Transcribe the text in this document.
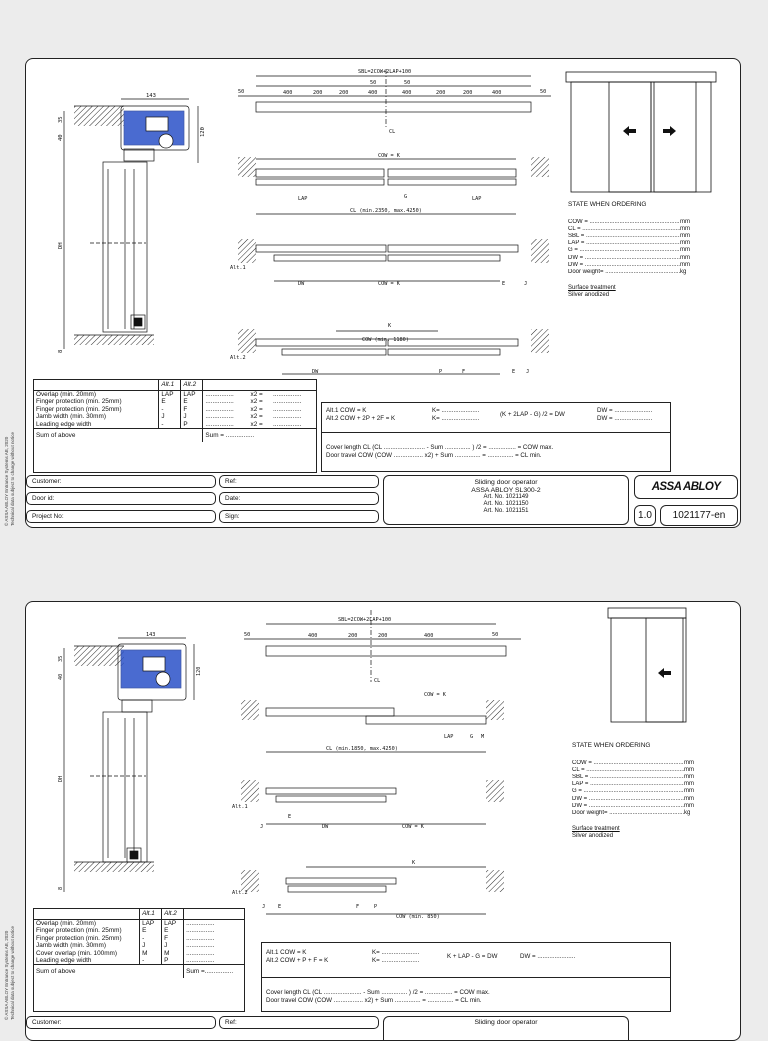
143
120
35
40
DH
8
SBL=2COW+2LAP+100
50	50
50	400	200	200	400	400	200	200	400	50
CL
COW = K
LAP	G	LAP
CL (min.2350, max.4250)
Alt.1
DW	COW = K	E	J
K
COW (min. 1180)
Alt.2
DW	P	F	E J
STATE WHEN ORDERING
COW = .....	mm
CL = .....	mm
SBL = .....	mm
LAP = .....	mm
G = .....	mm
DW = .....	mm
DW = .....	mm
Door weight= .....	kg
Surface treatment
Silver anodized
	Alt.1	Alt.2			

Overlap (min. 20mm)	LAP	LAP	................	x2 =	................
Finger protection (min. 25mm)	E	E	................	x2 =	................
Finger protection (min. 25mm)	-	F	................	x2 =	................
Jamb width (min. 30mm)	J	J	................	x2 =	................
Leading edge width	-	P	................	x2 =	................
Sum of above			Sum = ................		
Alt.1 COW = K	K= ......................
Alt.2 COW + 2P + 2F = K	K= ......................
(K + 2LAP - G) /2 = DW
DW = ......................
DW = ......................
Cover length CL (CL ........................ - Sum ............... ) /2 = ................ = COW max.
Door travel COW (COW ................. x2) + Sum ............... = ............... = CL min.
Customer:
Door id:
Project No:
Ref:
Date:
Sign:
Sliding door operator
ASSA ABLOY SL300-2
Art. No. 1021149
Art. No. 1021150
Art. No. 1021151
ASSA ABLOY
1.0	1021177-en
© ASSA ABLOY Entrance Systems AB, 2020 Technical data subject to change without notice
143
120
35
40
DH
8
SBL=2COW+2LAP+100
50	400	200	200	400	50
CL
COW = K
LAP	G M
CL (min.1850, max.4250)
Alt.1
J
E
DW	COW = K
K
Alt.2
J E	F	P
COW (min. 850)
STATE WHEN ORDERING
COW = .....	mm
CL = .....	mm
SBL = .....	mm
LAP = .....	mm
G = .....	mm
DW = .....	mm
DW = .....	mm
Door weight= .....	kg
Surface treatment
Silver anodized
	Alt.1	Alt.2	

Overlap (min. 20mm)	LAP	LAP	................
Finger protection (min. 25mm)	E	E	................
Finger protection (min. 25mm)	-	F	................
Jamb width (min. 30mm)	J	J	................
Cover overlap (min. 100mm)	M	M	................
Leading edge width	-	P	................
Sum of above			Sum =................
Alt.1 COW = K	K= ......................
Alt.2 COW + P + F = K	K= ......................
K + LAP - G = DW	DW = ......................
Cover length CL (CL ...................... - Sum ............... ) /2 = ................ = COW max.
Door travel COW (COW ................. x2) + Sum ............... = ............... = CL min.
Customer:	Ref:	Sliding door operator
© ASSA ABLOY Entrance Systems AB, 2020 Technical data subject to change without notice
